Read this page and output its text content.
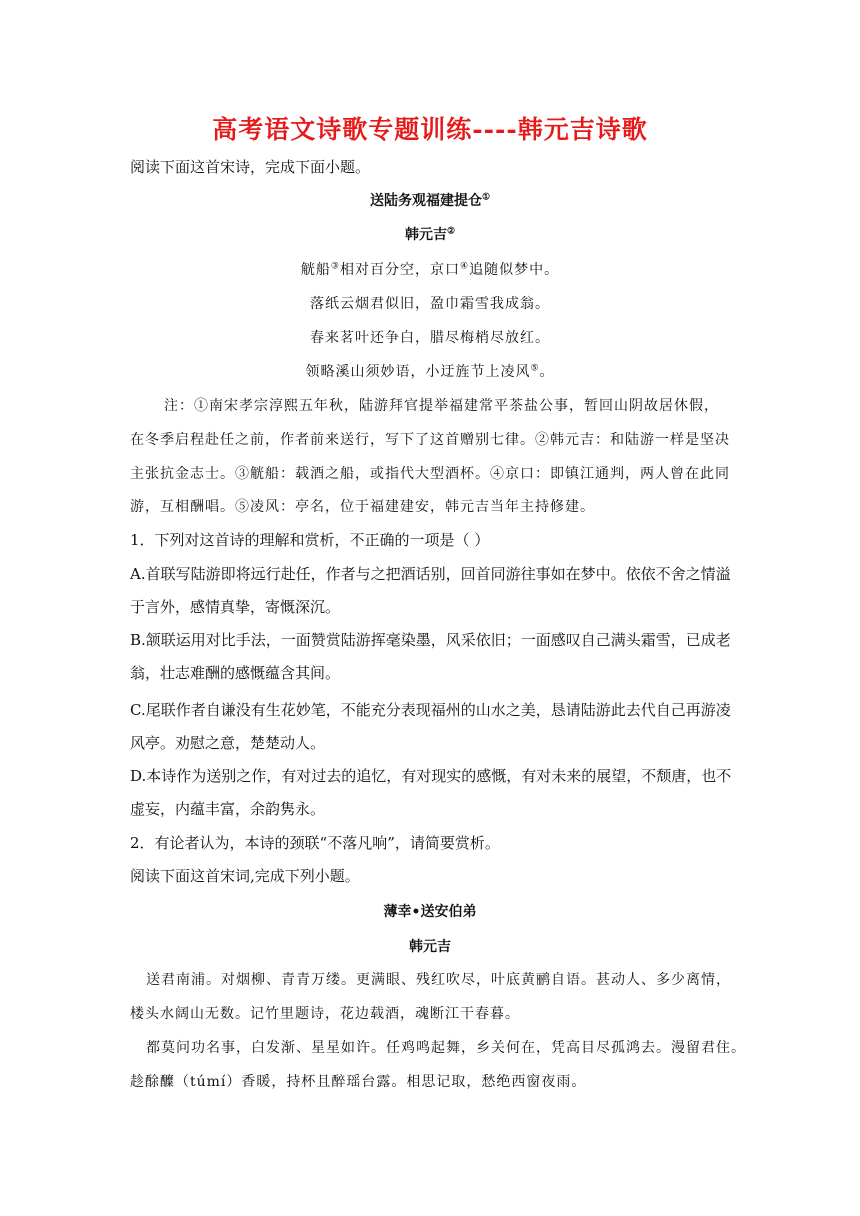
高考语文诗歌专题训练----韩元吉诗歌
阅读下面这首宋诗，完成下面小题。
送陆务观福建提仓①
韩元吉②
觥船③相对百分空，京口④追随似梦中。
落纸云烟君似旧，盈巾霜雪我成翁。
春来茗叶还争白，腊尽梅梢尽放红。
领略溪山须妙语，小迂旌节上凌风⑤。
注：①南宋孝宗淳熙五年秋，陆游拜官提举福建常平茶盐公事，暂回山阴故居休假，
在冬季启程赴任之前，作者前来送行，写下了这首赠别七律。②韩元吉：和陆游一样是坚决
主张抗金志士。③觥船：载酒之船，或指代大型酒杯。④京口：即镇江通判，两人曾在此同
游，互相酬唱。⑤凌风：亭名，位于福建建安，韩元吉当年主持修建。
1．下列对这首诗的理解和赏析，不正确的一项是（ ）
A.首联写陆游即将远行赴任，作者与之把酒话别，回首同游往事如在梦中。依依不舍之情溢
于言外，感情真挚，寄慨深沉。
B.颔联运用对比手法，一面赞赏陆游挥毫染墨，风采依旧；一面感叹自己满头霜雪，已成老
翁，壮志难酬的感慨蕴含其间。
C.尾联作者自谦没有生花妙笔，不能充分表现福州的山水之美，恳请陆游此去代自己再游凌
风亭。劝慰之意，楚楚动人。
D.本诗作为送别之作，有对过去的追忆，有对现实的感慨，有对未来的展望，不颓唐，也不
虚妄，内蕴丰富，余韵隽永。
2．有论者认为，本诗的颈联“不落凡响”，请简要赏析。
阅读下面这首宋词,完成下列小题。
薄幸•送安伯弟
韩元吉
送君南浦。对烟柳、青青万缕。更满眼、残红吹尽，叶底黄鹂自语。甚动人、多少离情，
楼头水阔山无数。记竹里题诗，花边载酒，魂断江干春暮。
都莫问功名事，白发渐、星星如许。任鸡鸣起舞，乡关何在，凭高目尽孤鸿去。漫留君住。
趁酴醾（túmí）香暖，持杯且醉瑶台露。相思记取，愁绝西窗夜雨。
